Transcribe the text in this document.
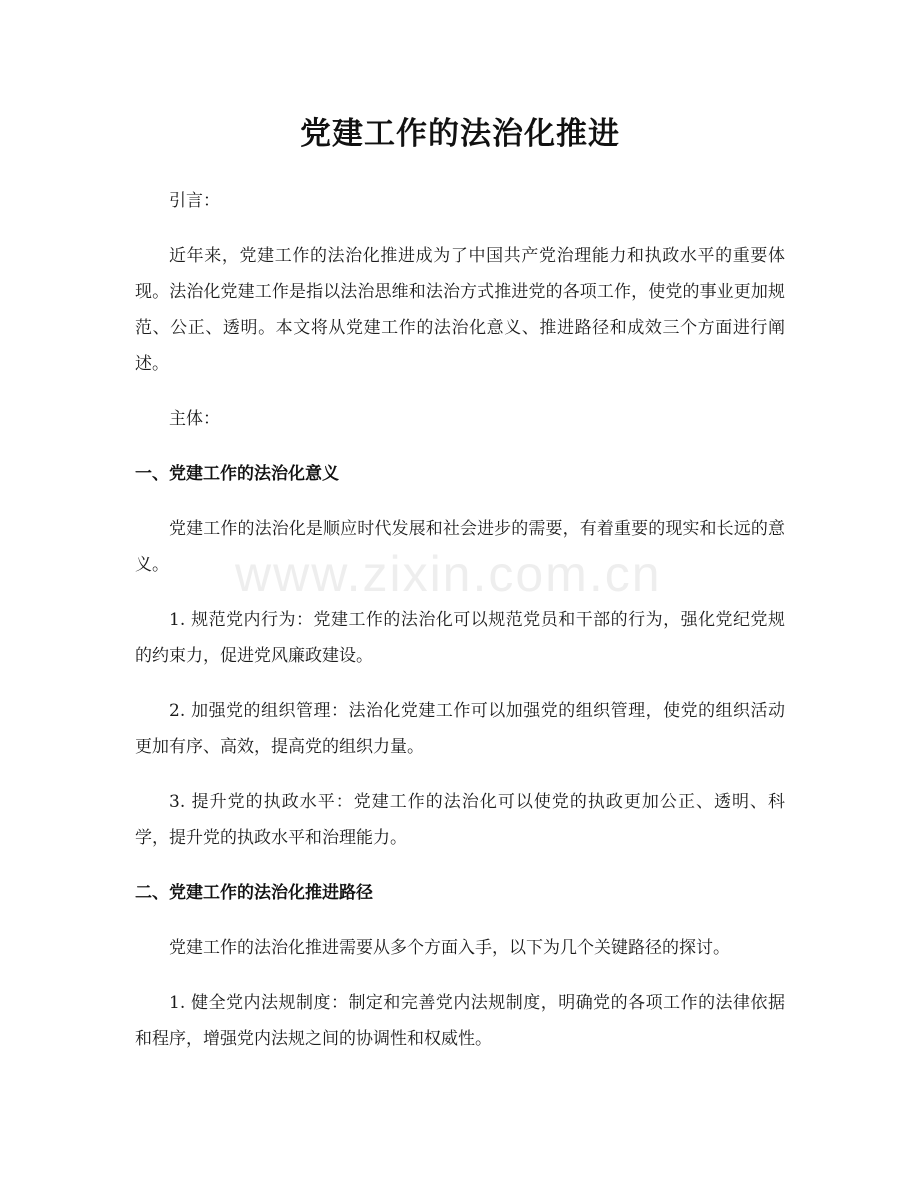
党建工作的法治化推进
www.zixin.com.cn

引言：

近年来，党建工作的法治化推进成为了中国共产党治理能力和执政水平的重要体现。法治化党建工作是指以法治思维和法治方式推进党的各项工作，使党的事业更加规范、公正、透明。本文将从党建工作的法治化意义、推进路径和成效三个方面进行阐述。

主体：

一、党建工作的法治化意义

党建工作的法治化是顺应时代发展和社会进步的需要，有着重要的现实和长远的意义。

1. 规范党内行为：党建工作的法治化可以规范党员和干部的行为，强化党纪党规的约束力，促进党风廉政建设。

2. 加强党的组织管理：法治化党建工作可以加强党的组织管理，使党的组织活动更加有序、高效，提高党的组织力量。

3. 提升党的执政水平：党建工作的法治化可以使党的执政更加公正、透明、科学，提升党的执政水平和治理能力。

二、党建工作的法治化推进路径

党建工作的法治化推进需要从多个方面入手，以下为几个关键路径的探讨。

1. 健全党内法规制度：制定和完善党内法规制度，明确党的各项工作的法律依据和程序，增强党内法规之间的协调性和权威性。
